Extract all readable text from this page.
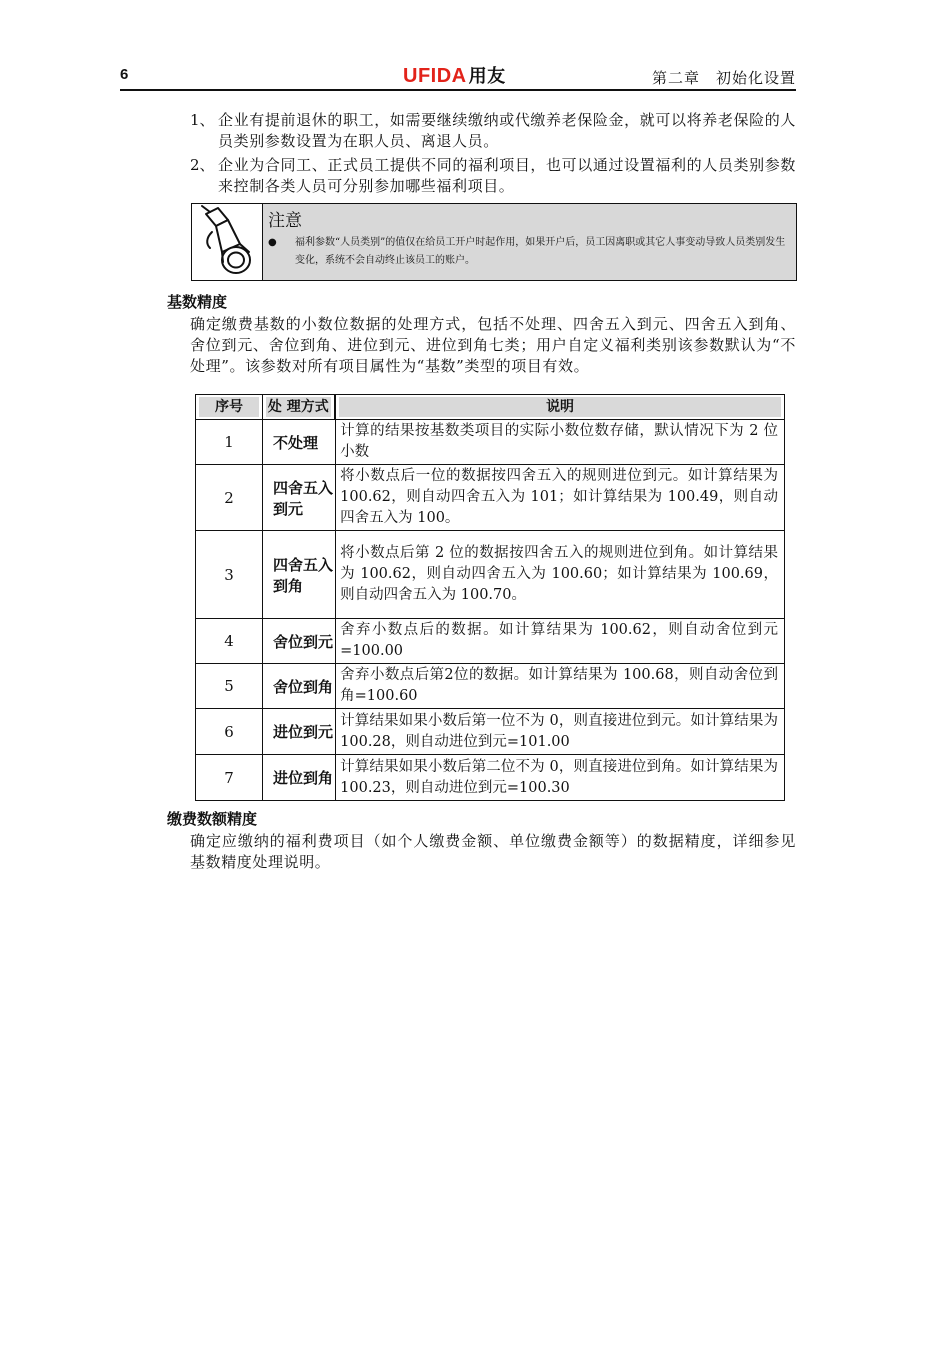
6	UFIDA 用友	第二章　初始化设置
1、 企业有提前退休的职工，如需要继续缴纳或代缴养老保险金，就可以将养老保险的人员类别参数设置为在职人员、离退人员。
2、 企业为合同工、正式员工提供不同的福利项目，也可以通过设置福利的人员类别参数来控制各类人员可分别参加哪些福利项目。
注意
● 福利参数“人员类别”的值仅在给员工开户时起作用，如果开户后，员工因离职或其它人事变动导致人员类别发生变化，系统不会自动终止该员工的账户。
基数精度
确定缴费基数的小数位数据的处理方式，包括不处理、四舍五入到元、四舍五入到角、舍位到元、舍位到角、进位到元、进位到角七类；用户自定义福利类别该参数默认为“不处理”。该参数对所有项目属性为“基数”类型的项目有效。
序号	处 理方式		说明

1	不处理	计算的结果按基数类项目的实际小数位数存储，默认情况下为 2 位小数
2	四舍五入到元	将小数点后一位的数据按四舍五入的规则进位到元。如计算结果为 100.62，则自动四舍五入为 101；如计算结果为 100.49，则自动四舍五入为 100。
3	四舍五入到角	将小数点后第 2 位的数据按四舍五入的规则进位到角。如计算结果为 100.62，则自动四舍五入为 100.60；如计算结果为 100.69，则自动四舍五入为 100.70。
4	舍位到元	舍弃小数点后的数据。如计算结果为 100.62，则自动舍位到元=100.00
5	舍位到角	舍弃小数点后第2位的数据。如计算结果为 100.68，则自动舍位到角=100.60
6	进位到元	计算结果如果小数后第一位不为 0，则直接进位到元。如计算结果为 100.28，则自动进位到元=101.00
7	进位到角	计算结果如果小数后第二位不为 0，则直接进位到角。如计算结果为 100.23，则自动进位到元=100.30
缴费数额精度
确定应缴纳的福利费项目（如个人缴费金额、单位缴费金额等）的数据精度，详细参见基数精度处理说明。
